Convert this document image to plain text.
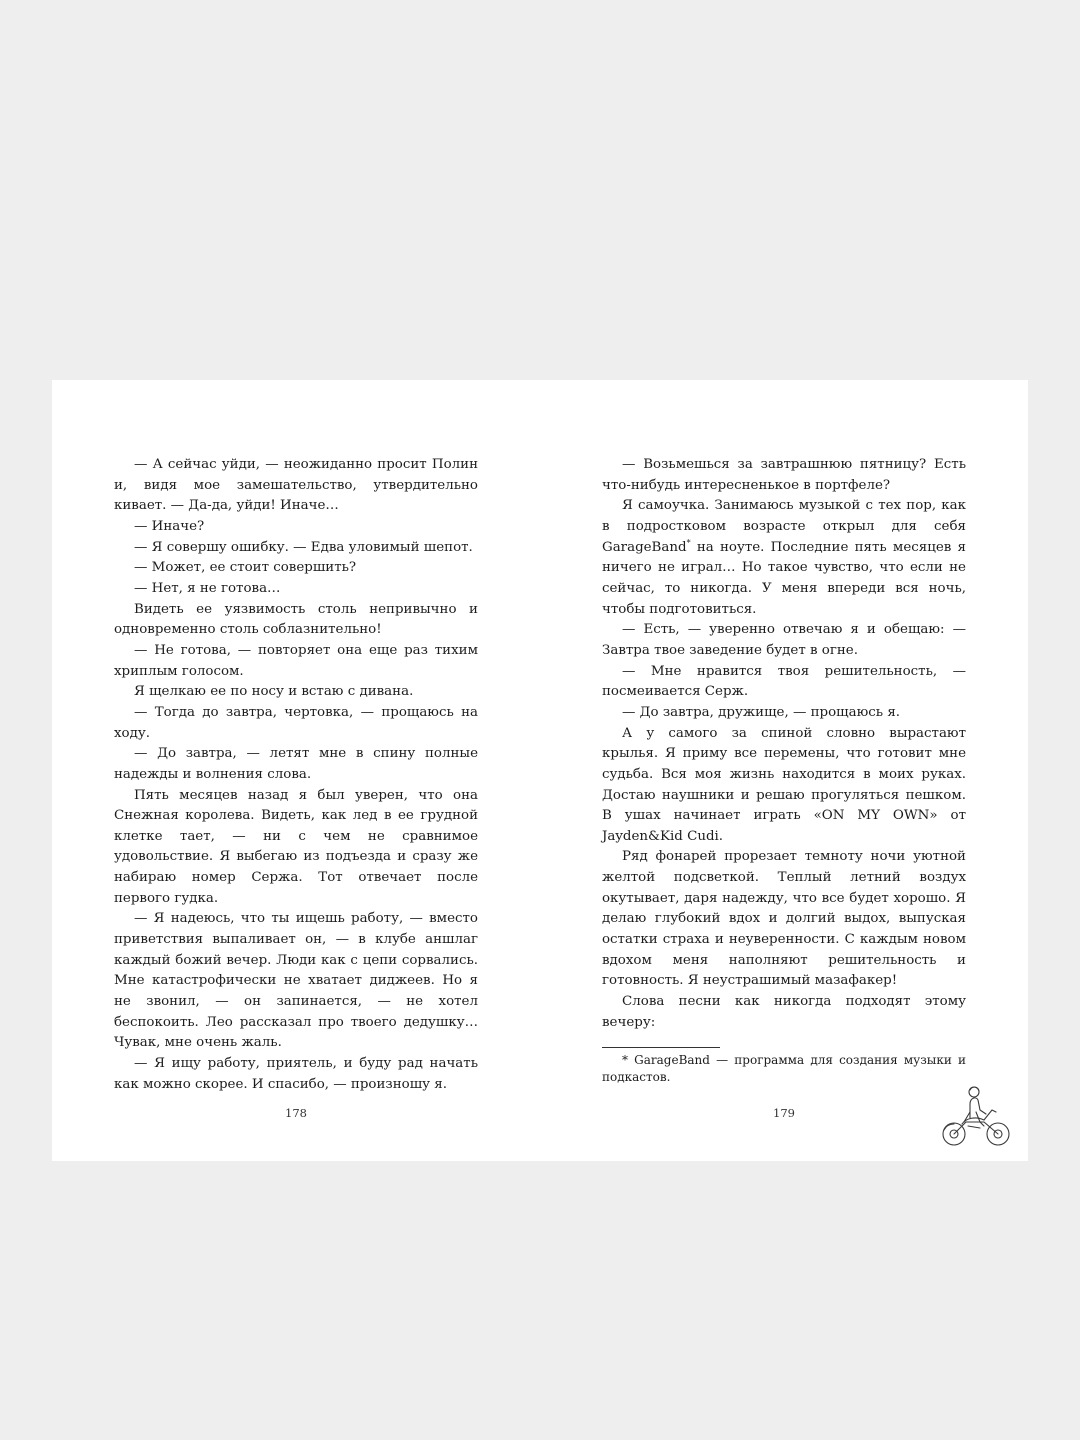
— А сейчас уйди, — неожиданно просит Полин и, видя мое замешательство, утвердительно кивает. — Да-да, уйди! Иначе…

— Иначе?

— Я совершу ошибку. — Едва уловимый шепот.

— Может, ее стоит совершить?

— Нет, я не готова…

Видеть ее уязвимость столь непривычно и одновременно столь соблазнительно!

— Не готова, — повторяет она еще раз тихим хриплым голосом.

Я щелкаю ее по носу и встаю с дивана.

— Тогда до завтра, чертовка, — прощаюсь на ходу.

— До завтра, — летят мне в спину полные надежды и волнения слова.

Пять месяцев назад я был уверен, что она Снежная королева. Видеть, как лед в ее грудной клетке тает, — ни с чем не сравнимое удовольствие. Я выбегаю из подъезда и сразу же набираю номер Сержа. Тот отвечает после первого гудка.

— Я надеюсь, что ты ищешь работу, — вместо приветствия выпаливает он, — в клубе аншлаг каждый божий вечер. Люди как с цепи сорвались. Мне катастрофически не хватает диджеев. Но я не звонил, — он запинается, — не хотел беспокоить. Лео рассказал про твоего дедушку… Чувак, мне очень жаль.

— Я ищу работу, приятель, и буду рад начать как можно скорее. И спасибо, — произношу я.

— Возьмешься за завтрашнюю пятницу? Есть что-нибудь интересненькое в портфеле?

Я самоучка. Занимаюсь музыкой с тех пор, как в подростковом возрасте открыл для себя GarageBand* на ноуте. Последние пять месяцев я ничего не играл… Но такое чувство, что если не сейчас, то никогда. У меня впереди вся ночь, чтобы подготовиться.

— Есть, — уверенно отвечаю я и обещаю: — Завтра твое заведение будет в огне.

— Мне нравится твоя решительность, — посмеивается Серж.

— До завтра, дружище, — прощаюсь я.

А у самого за спиной словно вырастают крылья. Я приму все перемены, что готовит мне судьба. Вся моя жизнь находится в моих руках. Достаю наушники и решаю прогуляться пешком. В ушах начинает играть «ON MY OWN» от Jayden&Kid Cudi.

Ряд фонарей прорезает темноту ночи уютной желтой подсветкой. Теплый летний воздух окутывает, даря надежду, что все будет хорошо. Я делаю глубокий вдох и долгий выдох, выпуская остатки страха и неуверенности. С каждым новом вдохом меня наполняют решительность и готовность. Я неустрашимый мазафакер!

Слова песни как никогда подходят этому вечеру:

* GarageBand — программа для создания музыки и подкастов.

178	179
